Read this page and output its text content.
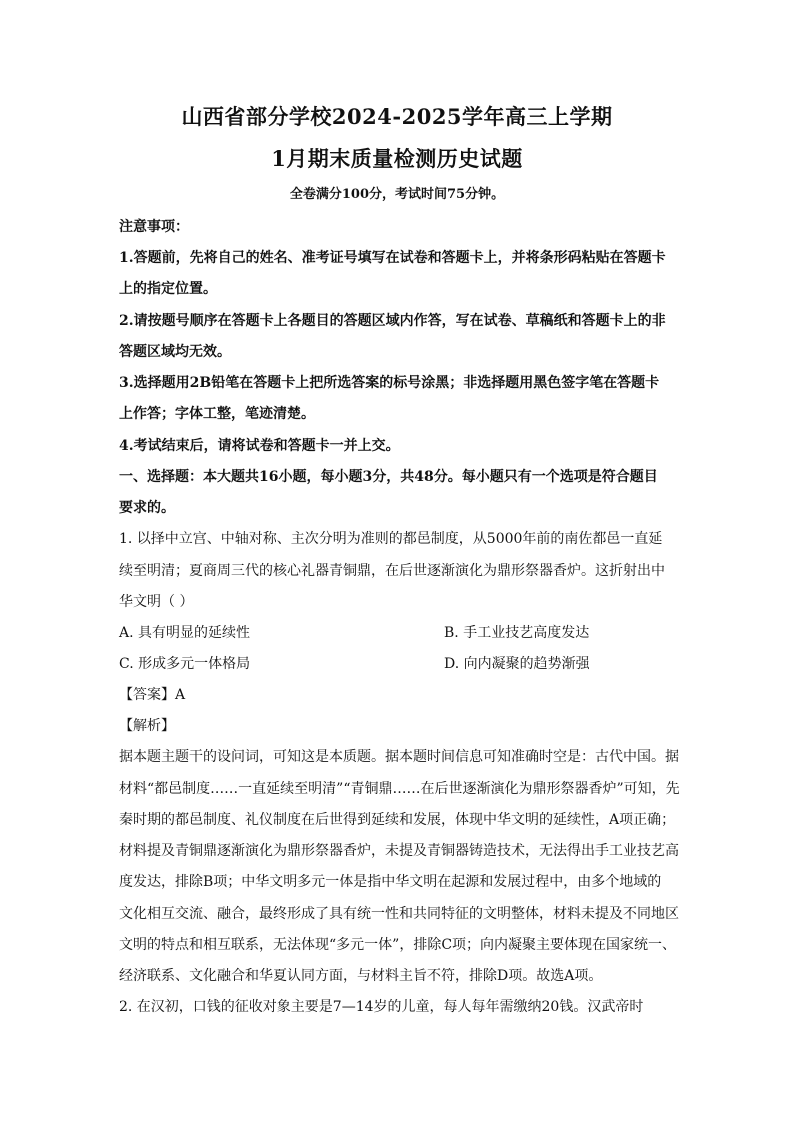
山西省部分学校2024-2025学年高三上学期
1月期末质量检测历史试题
全卷满分100分，考试时间75分钟。
注意事项：
1.答题前，先将自己的姓名、准考证号填写在试卷和答题卡上，并将条形码粘贴在答题卡
上的指定位置。
2.请按题号顺序在答题卡上各题目的答题区域内作答，写在试卷、草稿纸和答题卡上的非
答题区域均无效。
3.选择题用2B铅笔在答题卡上把所选答案的标号涂黑；非选择题用黑色签字笔在答题卡
上作答；字体工整，笔迹清楚。
4.考试结束后，请将试卷和答题卡一并上交。
一、选择题：本大题共16小题，每小题3分，共48分。每小题只有一个选项是符合题目
要求的。
1. 以择中立宫、中轴对称、主次分明为准则的都邑制度，从5000年前的南佐都邑一直延
续至明清；夏商周三代的核心礼器青铜鼎，在后世逐渐演化为鼎形祭器香炉。这折射出中
华文明（ ）
A. 具有明显的延续性	B. 手工业技艺高度发达
C. 形成多元一体格局	D. 向内凝聚的趋势渐强
【答案】A
【解析】
据本题主题干的设问词，可知这是本质题。据本题时间信息可知准确时空是：古代中国。据
材料“都邑制度……一直延续至明清”“青铜鼎……在后世逐渐演化为鼎形祭器香炉”可知，先
秦时期的都邑制度、礼仪制度在后世得到延续和发展，体现中华文明的延续性，A项正确；
材料提及青铜鼎逐渐演化为鼎形祭器香炉，未提及青铜器铸造技术，无法得出手工业技艺高
度发达，排除B项；中华文明多元一体是指中华文明在起源和发展过程中，由多个地域的
文化相互交流、融合，最终形成了具有统一性和共同特征的文明整体，材料未提及不同地区
文明的特点和相互联系，无法体现“多元一体”，排除C项；向内凝聚主要体现在国家统一、
经济联系、文化融合和华夏认同方面，与材料主旨不符，排除D项。故选A项。
2. 在汉初，口钱的征收对象主要是7—14岁的儿童，每人每年需缴纳20钱。汉武帝时
